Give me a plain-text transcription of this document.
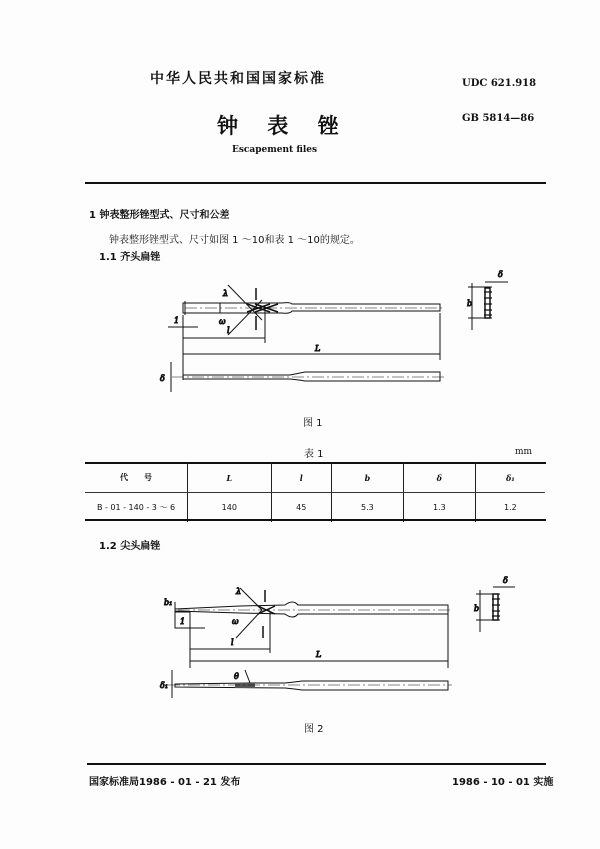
中华人民共和国国家标准	UDC 621.918
钟 表 锉	GB 5814—86
Escapement files
1 钟表整形锉型式、尺寸和公差
钟表整形锉型式、尺寸如图 1 ～10和表 1 ～10的规定。
1.1 齐头扁锉
λ
ω
l
1
L
δ
b
δ
λ
ω
l
1
L
b₁
δ₁
θ
b
δ
图 1
表 1	mm
代　　号	L	l	b	δ	δ₁
B - 01 - 140 - 3 ～ 6	140	45	5.3	1.3	1.2
1.2 尖头扁锉
图 2
国家标准局1986 - 01 - 21 发布	1986 - 10 - 01 实施
